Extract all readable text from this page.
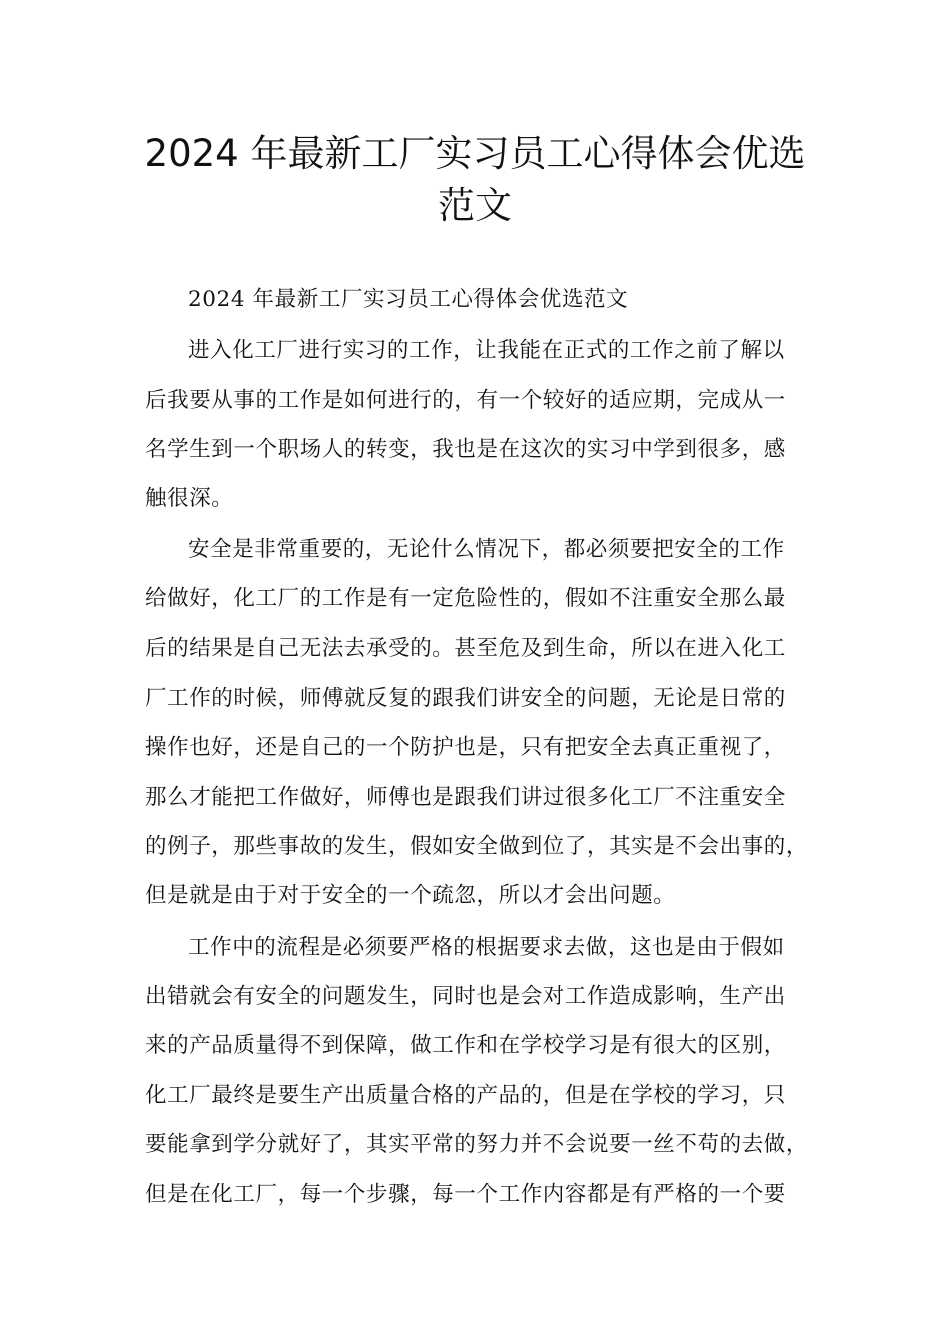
2024 年最新工厂实习员工心得体会优选
范文
2024 年最新工厂实习员工心得体会优选范文
进入化工厂进行实习的工作，让我能在正式的工作之前了解以
后我要从事的工作是如何进行的，有一个较好的适应期，完成从一
名学生到一个职场人的转变，我也是在这次的实习中学到很多，感
触很深。
安全是非常重要的，无论什么情况下，都必须要把安全的工作
给做好，化工厂的工作是有一定危险性的，假如不注重安全那么最
后的结果是自己无法去承受的。甚至危及到生命，所以在进入化工
厂工作的时候，师傅就反复的跟我们讲安全的问题，无论是日常的
操作也好，还是自己的一个防护也是，只有把安全去真正重视了，
那么才能把工作做好，师傅也是跟我们讲过很多化工厂不注重安全
的例子，那些事故的发生，假如安全做到位了，其实是不会出事的，
但是就是由于对于安全的一个疏忽，所以才会出问题。
工作中的流程是必须要严格的根据要求去做，这也是由于假如
出错就会有安全的问题发生，同时也是会对工作造成影响，生产出
来的产品质量得不到保障，做工作和在学校学习是有很大的区别，
化工厂最终是要生产出质量合格的产品的，但是在学校的学习，只
要能拿到学分就好了，其实平常的努力并不会说要一丝不苟的去做，
但是在化工厂，每一个步骤，每一个工作内容都是有严格的一个要
